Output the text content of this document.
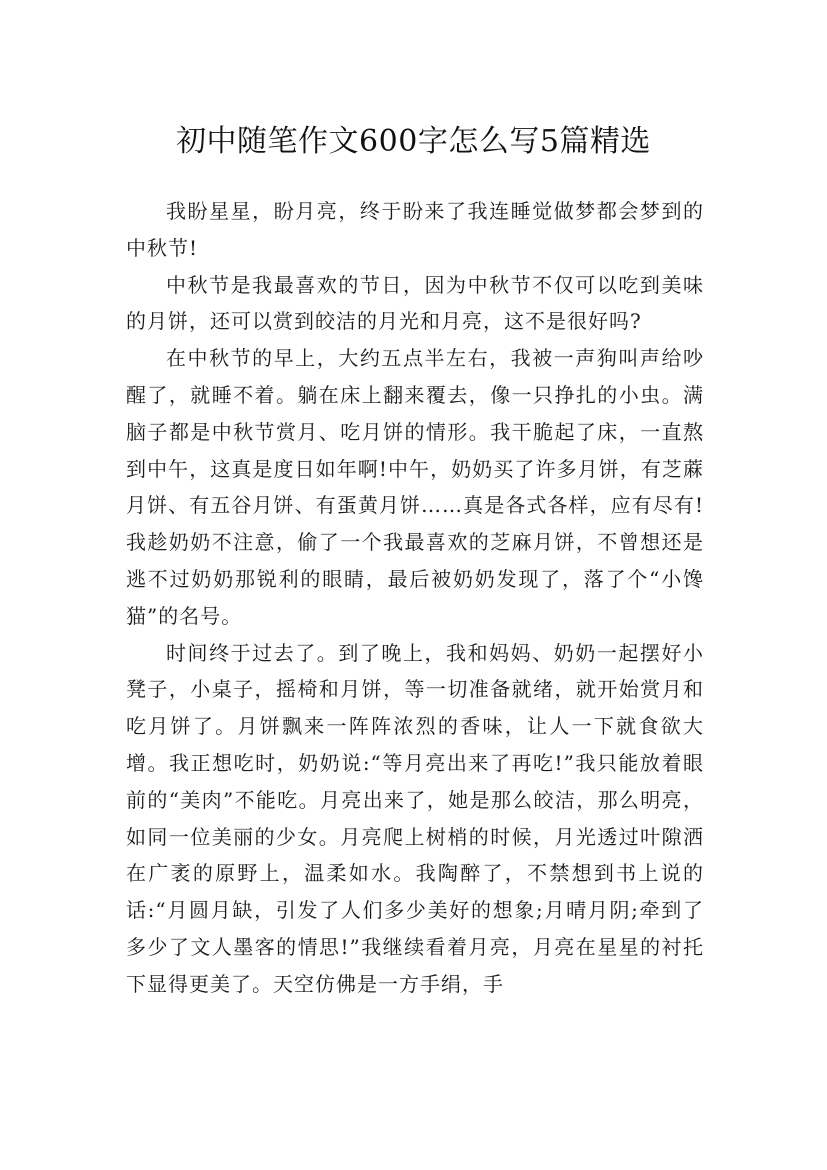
初中随笔作文600字怎么写5篇精选

我盼星星，盼月亮，终于盼来了我连睡觉做梦都会梦到的中秋节!

中秋节是我最喜欢的节日，因为中秋节不仅可以吃到美味的月饼，还可以赏到皎洁的月光和月亮，这不是很好吗?

在中秋节的早上，大约五点半左右，我被一声狗叫声给吵醒了，就睡不着。躺在床上翻来覆去，像一只挣扎的小虫。满脑子都是中秋节赏月、吃月饼的情形。我干脆起了床，一直熬到中午，这真是度日如年啊!中午，奶奶买了许多月饼，有芝蔴月饼、有五谷月饼、有蛋黄月饼……真是各式各样，应有尽有!我趁奶奶不注意，偷了一个我最喜欢的芝麻月饼，不曾想还是逃不过奶奶那锐利的眼睛，最后被奶奶发现了，落了个“小馋猫”的名号。

时间终于过去了。到了晚上，我和妈妈、奶奶一起摆好小凳子，小桌子，摇椅和月饼，等一切准备就绪，就开始赏月和吃月饼了。月饼飘来一阵阵浓烈的香味，让人一下就食欲大增。我正想吃时，奶奶说:“等月亮出来了再吃!”我只能放着眼前的“美肉”不能吃。月亮出来了，她是那么皎洁，那么明亮，如同一位美丽的少女。月亮爬上树梢的时候，月光透过叶隙洒在广袤的原野上，温柔如水。我陶醉了，不禁想到书上说的话:“月圆月缺，引发了人们多少美好的想象;月晴月阴;牵到了多少了文人墨客的情思!”我继续看着月亮，月亮在星星的衬托下显得更美了。天空仿佛是一方手绢，手
